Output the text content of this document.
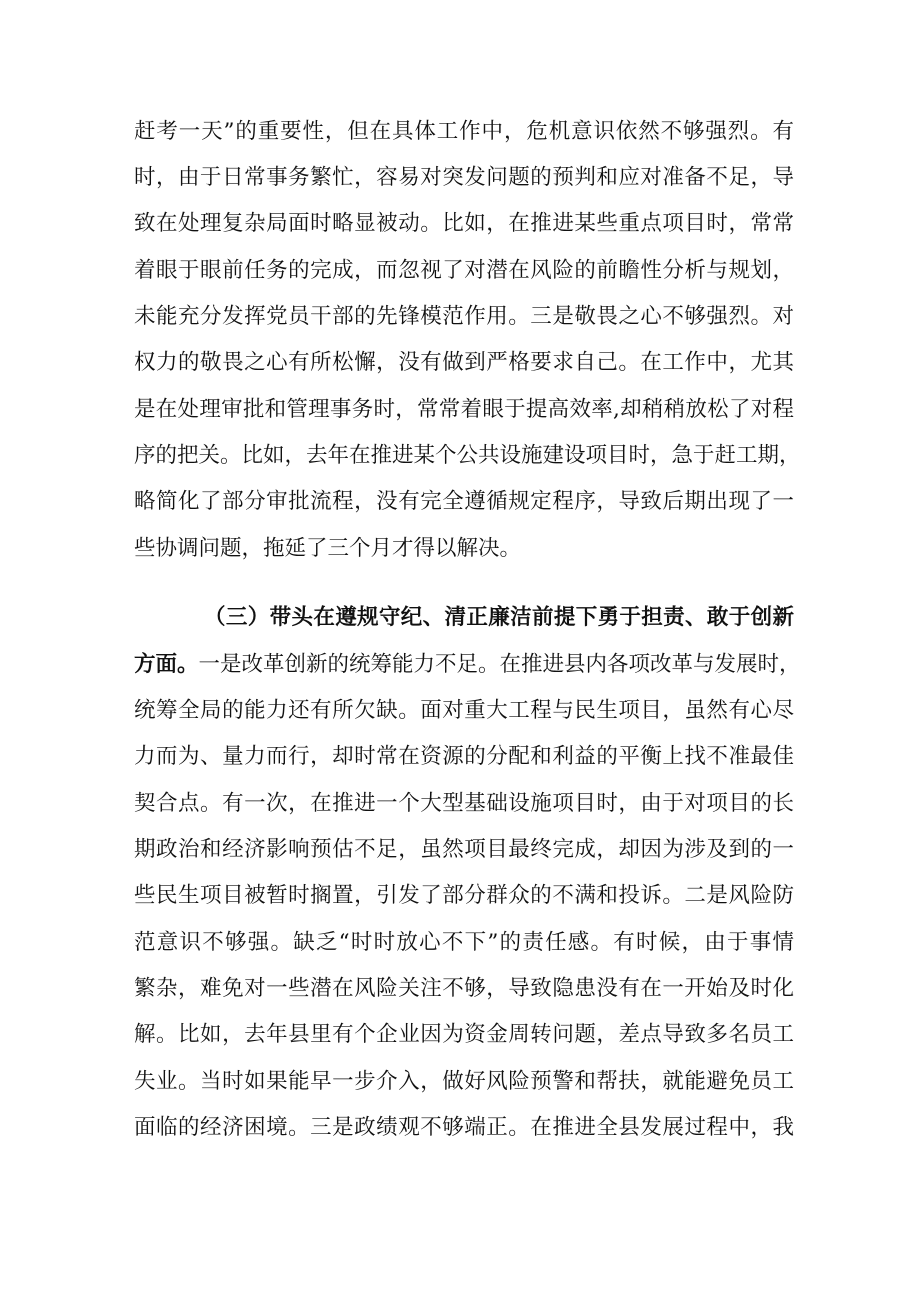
赶考一天”的重要性，但在具体工作中，危机意识依然不够强烈。有
时，由于日常事务繁忙，容易对突发问题的预判和应对准备不足，导
致在处理复杂局面时略显被动。比如，在推进某些重点项目时，常常
着眼于眼前任务的完成，而忽视了对潜在风险的前瞻性分析与规划，
未能充分发挥党员干部的先锋模范作用。三是敬畏之心不够强烈。对
权力的敬畏之心有所松懈，没有做到严格要求自己。在工作中，尤其
是在处理审批和管理事务时，常常着眼于提高效率,却稍稍放松了对程
序的把关。比如，去年在推进某个公共设施建设项目时，急于赶工期，
略简化了部分审批流程，没有完全遵循规定程序，导致后期出现了一
些协调问题，拖延了三个月才得以解决。
（三）带头在遵规守纪、清正廉洁前提下勇于担责、敢于创新
方面。一是改革创新的统筹能力不足。在推进县内各项改革与发展时，
统筹全局的能力还有所欠缺。面对重大工程与民生项目，虽然有心尽
力而为、量力而行，却时常在资源的分配和利益的平衡上找不准最佳
契合点。有一次，在推进一个大型基础设施项目时，由于对项目的长
期政治和经济影响预估不足，虽然项目最终完成，却因为涉及到的一
些民生项目被暂时搁置，引发了部分群众的不满和投诉。二是风险防
范意识不够强。缺乏“时时放心不下”的责任感。有时候，由于事情
繁杂，难免对一些潜在风险关注不够，导致隐患没有在一开始及时化
解。比如，去年县里有个企业因为资金周转问题，差点导致多名员工
失业。当时如果能早一步介入，做好风险预警和帮扶，就能避免员工
面临的经济困境。三是政绩观不够端正。在推进全县发展过程中，我
